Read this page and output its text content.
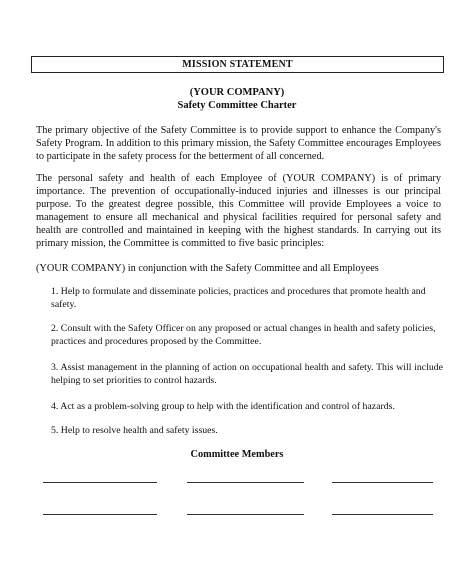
MISSION STATEMENT
(YOUR COMPANY)
Safety Committee Charter

The primary objective of the Safety Committee is to provide support to enhance the Company's Safety Program. In addition to this primary mission, the Safety Committee encourages Employees to participate in the safety process for the betterment of all concerned.

The personal safety and health of each Employee of (YOUR COMPANY) is of primary importance. The prevention of occupationally-induced injuries and illnesses is our principal purpose. To the greatest degree possible, this Committee will provide Employees a voice to management to ensure all mechanical and physical facilities required for personal safety and health are controlled and maintained in keeping with the highest standards. In carrying out its primary mission, the Committee is committed to five basic principles:

(YOUR COMPANY) in conjunction with the Safety Committee and all Employees

1. Help to formulate and disseminate policies, practices and procedures that promote health and safety.

2. Consult with the Safety Officer on any proposed or actual changes in health and safety policies, practices and procedures proposed by the Committee.

3. Assist management in the planning of action on occupational health and safety. This will include helping to set priorities to control hazards.

4. Act as a problem-solving group to help with the identification and control of hazards.

5. Help to resolve health and safety issues.

Committee Members
